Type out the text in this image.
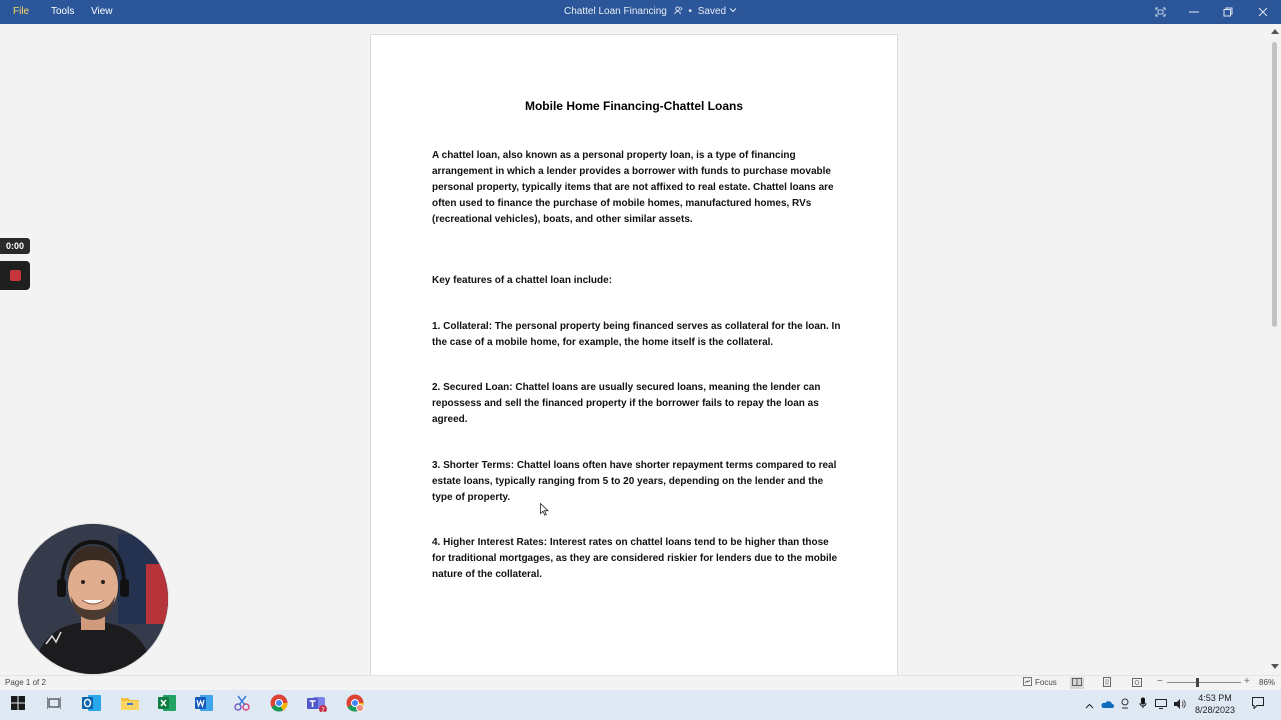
File Tools View	Chattel Loan Financing • Saved
Mobile Home Financing-Chattel Loans

A chattel loan, also known as a personal property loan, is a type of financing arrangement in which a lender provides a borrower with funds to purchase movable personal property, typically items that are not affixed to real estate. Chattel loans are often used to finance the purchase of mobile homes, manufactured homes, RVs (recreational vehicles), boats, and other similar assets.

Key features of a chattel loan include:

1. Collateral: The personal property being financed serves as collateral for the loan. In the case of a mobile home, for example, the home itself is the collateral.

2. Secured Loan: Chattel loans are usually secured loans, meaning the lender can repossess and sell the financed property if the borrower fails to repay the loan as agreed.

3. Shorter Terms: Chattel loans often have shorter repayment terms compared to real estate loans, typically ranging from 5 to 20 years, depending on the lender and the type of property.

4. Higher Interest Rates: Interest rates on chattel loans tend to be higher than those for traditional mortgages, as they are considered riskier for lenders due to the mobile nature of the collateral.

0:00
Page 1 of 2	Focus	−	+ 86%
2
4:53 PM
8/28/2023
